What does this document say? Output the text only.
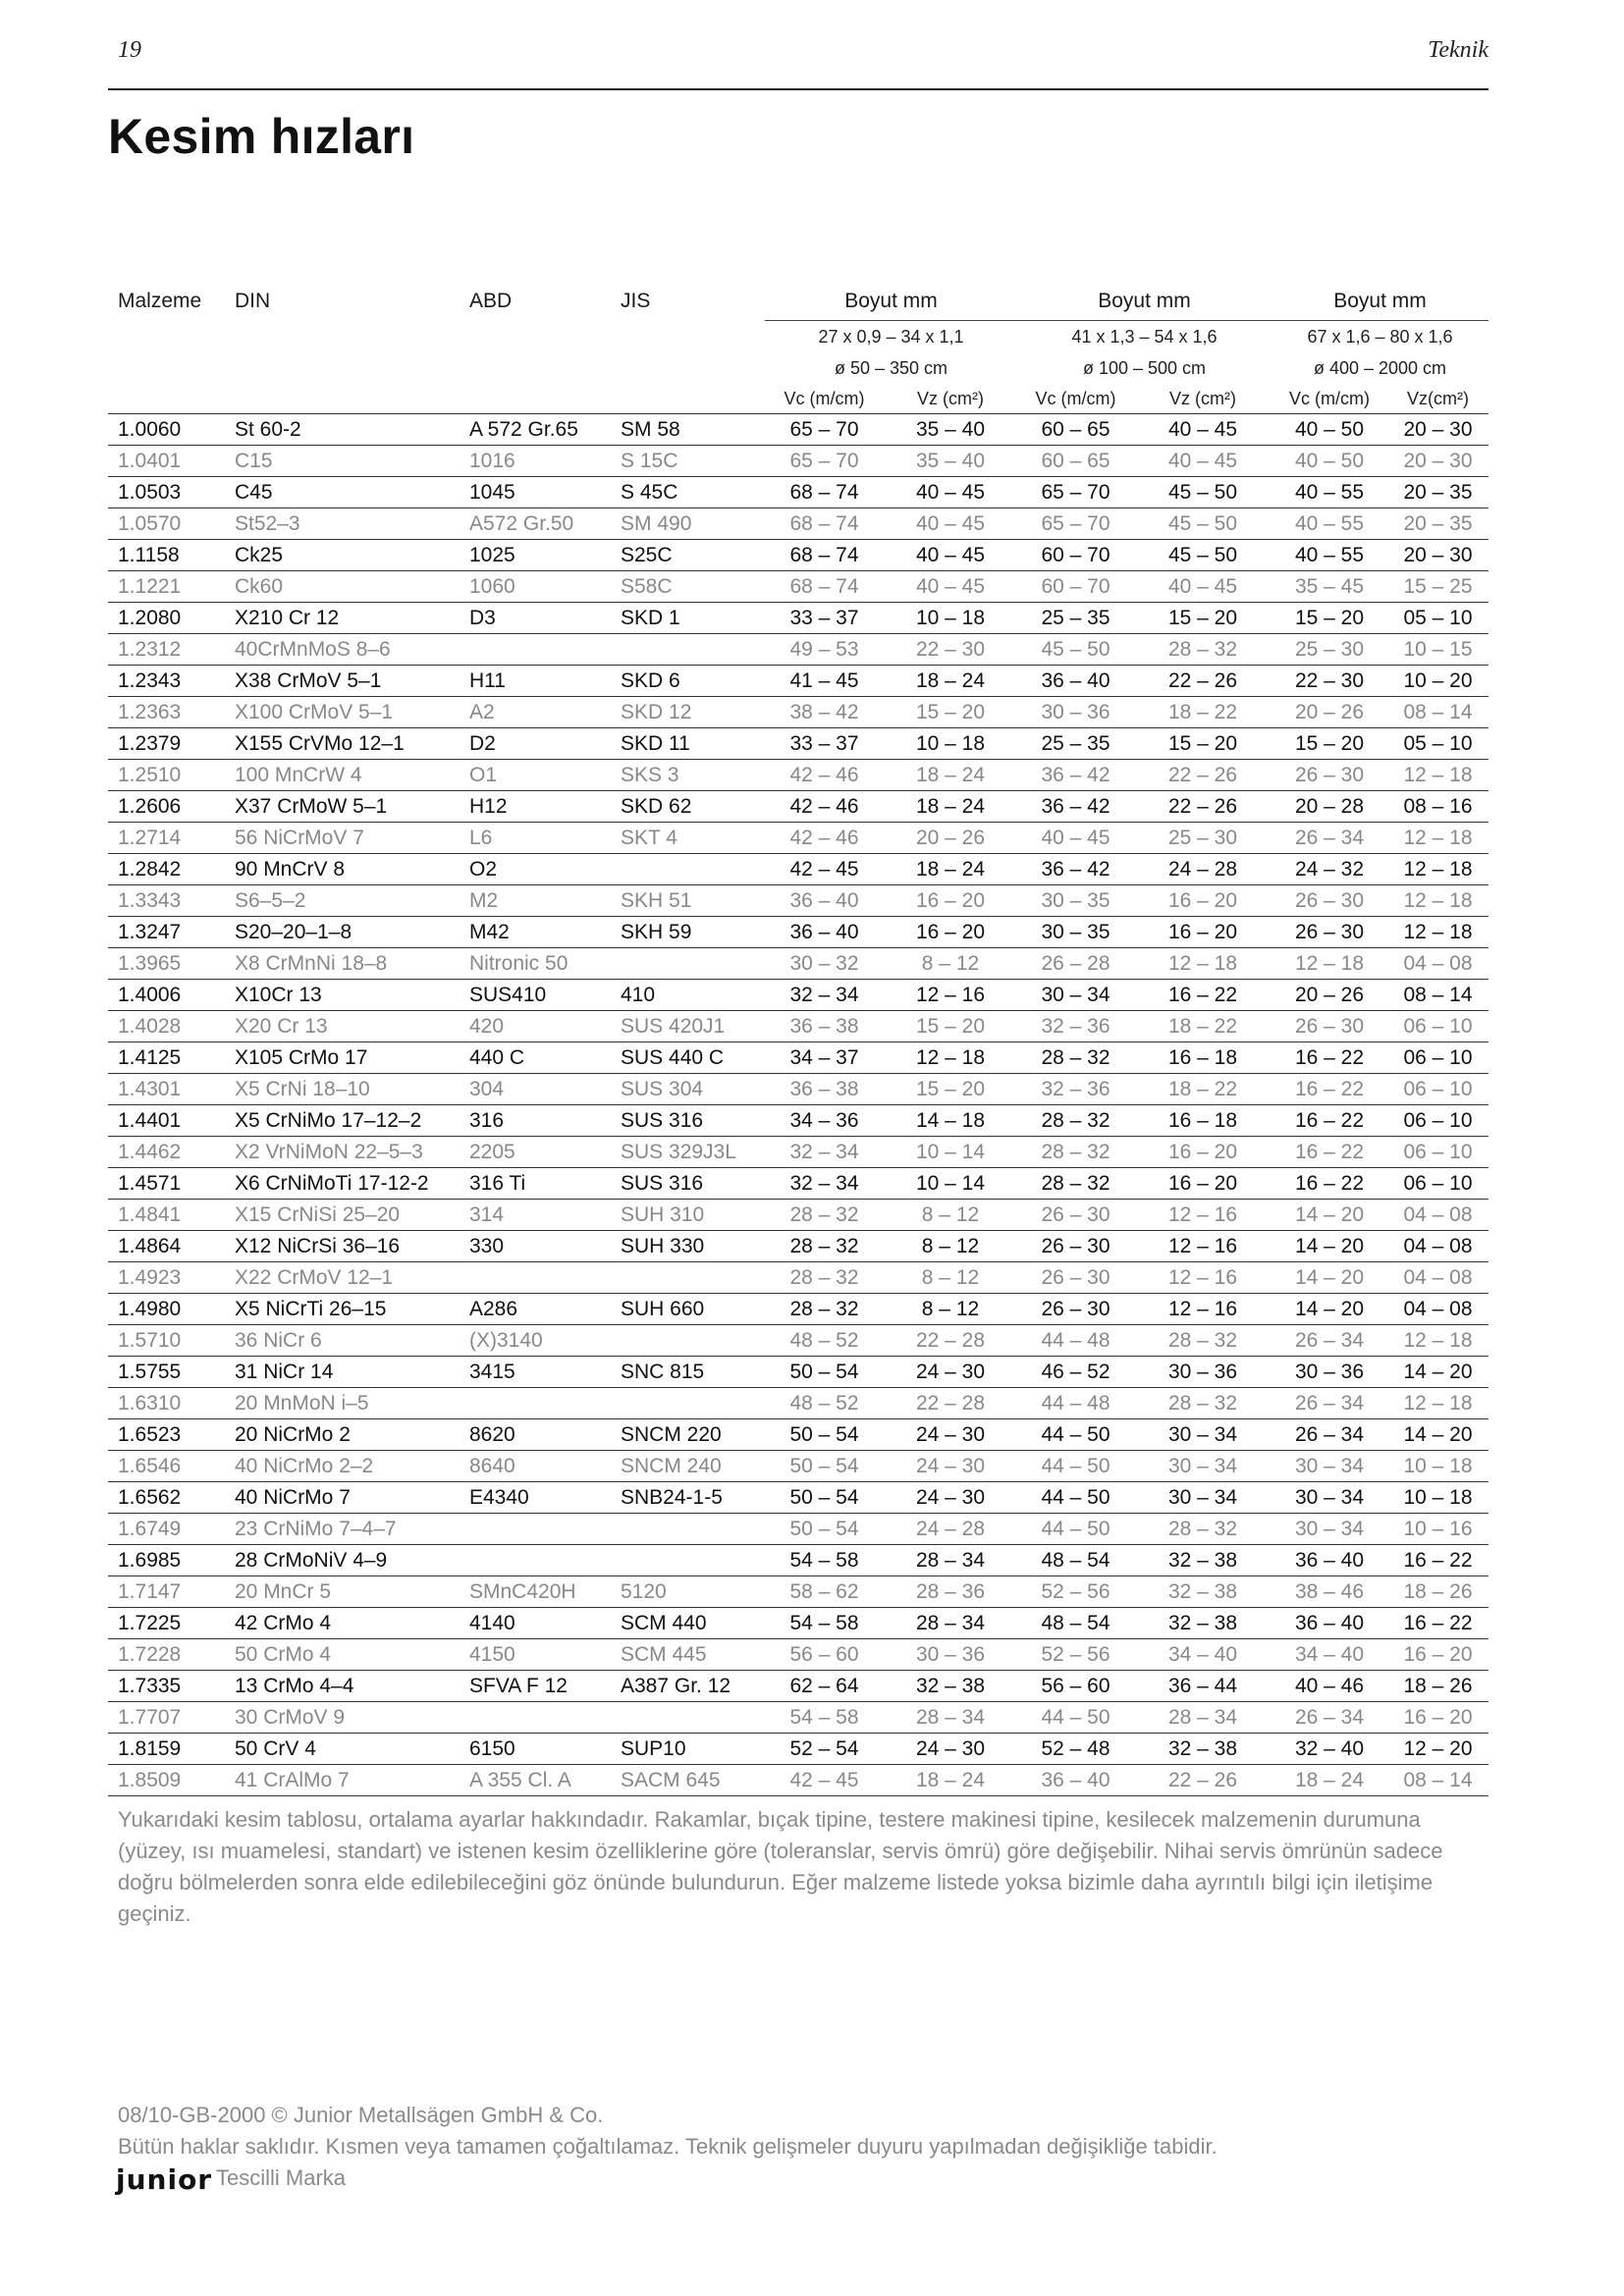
19	Teknik
Kesim hızları
Malzeme	DIN	ABD	JIS	Boyut mm		Boyut mm		Boyut mm	
				27 x 0,9 – 34 x 1,1		41 x 1,3 – 54 x 1,6		67 x 1,6 – 80 x 1,6	
				ø 50 – 350 cm		ø 100 – 500 cm		ø 400 – 2000 cm	
				Vc (m/cm)	Vz (cm²)	Vc (m/cm)	Vz (cm²)	Vc (m/cm)	Vz(cm²)
1.0060	St 60-2	A 572 Gr.65	SM 58	65 – 70	35 – 40	60 – 65	40 – 45	40 – 50	20 – 30
1.0401	C15	1016	S 15C	65 – 70	35 – 40	60 – 65	40 – 45	40 – 50	20 – 30
1.0503	C45	1045	S 45C	68 – 74	40 – 45	65 – 70	45 – 50	40 – 55	20 – 35
1.0570	St52–3	A572 Gr.50	SM 490	68 – 74	40 – 45	65 – 70	45 – 50	40 – 55	20 – 35
1.1158	Ck25	1025	S25C	68 – 74	40 – 45	60 – 70	45 – 50	40 – 55	20 – 30
1.1221	Ck60	1060	S58C	68 – 74	40 – 45	60 – 70	40 – 45	35 – 45	15 – 25
1.2080	X210 Cr 12	D3	SKD 1	33 – 37	10 – 18	25 – 35	15 – 20	15 – 20	05 – 10
1.2312	40CrMnMoS 8–6			49 – 53	22 – 30	45 – 50	28 – 32	25 – 30	10 – 15
1.2343	X38 CrMoV 5–1	H11	SKD 6	41 – 45	18 – 24	36 – 40	22 – 26	22 – 30	10 – 20
1.2363	X100 CrMoV 5–1	A2	SKD 12	38 – 42	15 – 20	30 – 36	18 – 22	20 – 26	08 – 14
1.2379	X155 CrVMo 12–1	D2	SKD 11	33 – 37	10 – 18	25 – 35	15 – 20	15 – 20	05 – 10
1.2510	100 MnCrW 4	O1	SKS 3	42 – 46	18 – 24	36 – 42	22 – 26	26 – 30	12 – 18
1.2606	X37 CrMoW 5–1	H12	SKD 62	42 – 46	18 – 24	36 – 42	22 – 26	20 – 28	08 – 16
1.2714	56 NiCrMoV 7	L6	SKT 4	42 – 46	20 – 26	40 – 45	25 – 30	26 – 34	12 – 18
1.2842	90 MnCrV 8	O2		42 – 45	18 – 24	36 – 42	24 – 28	24 – 32	12 – 18
1.3343	S6–5–2	M2	SKH 51	36 – 40	16 – 20	30 – 35	16 – 20	26 – 30	12 – 18
1.3247	S20–20–1–8	M42	SKH 59	36 – 40	16 – 20	30 – 35	16 – 20	26 – 30	12 – 18
1.3965	X8 CrMnNi 18–8	Nitronic 50		30 – 32	8 – 12	26 – 28	12 – 18	12 – 18	04 – 08
1.4006	X10Cr 13	SUS410	410	32 – 34	12 – 16	30 – 34	16 – 22	20 – 26	08 – 14
1.4028	X20 Cr 13	420	SUS 420J1	36 – 38	15 – 20	32 – 36	18 – 22	26 – 30	06 – 10
1.4125	X105 CrMo 17	440 C	SUS 440 C	34 – 37	12 – 18	28 – 32	16 – 18	16 – 22	06 – 10
1.4301	X5 CrNi 18–10	304	SUS 304	36 – 38	15 – 20	32 – 36	18 – 22	16 – 22	06 – 10
1.4401	X5 CrNiMo 17–12–2	316	SUS 316	34 – 36	14 – 18	28 – 32	16 – 18	16 – 22	06 – 10
1.4462	X2 VrNiMoN 22–5–3	2205	SUS 329J3L	32 – 34	10 – 14	28 – 32	16 – 20	16 – 22	06 – 10
1.4571	X6 CrNiMoTi 17-12-2	316 Ti	SUS 316	32 – 34	10 – 14	28 – 32	16 – 20	16 – 22	06 – 10
1.4841	X15 CrNiSi 25–20	314	SUH 310	28 – 32	8 – 12	26 – 30	12 – 16	14 – 20	04 – 08
1.4864	X12 NiCrSi 36–16	330	SUH 330	28 – 32	8 – 12	26 – 30	12 – 16	14 – 20	04 – 08
1.4923	X22 CrMoV 12–1			28 – 32	8 – 12	26 – 30	12 – 16	14 – 20	04 – 08
1.4980	X5 NiCrTi 26–15	A286	SUH 660	28 – 32	8 – 12	26 – 30	12 – 16	14 – 20	04 – 08
1.5710	36 NiCr 6	(X)3140		48 – 52	22 – 28	44 – 48	28 – 32	26 – 34	12 – 18
1.5755	31 NiCr 14	3415	SNC 815	50 – 54	24 – 30	46 – 52	30 – 36	30 – 36	14 – 20
1.6310	20 MnMoN i–5			48 – 52	22 – 28	44 – 48	28 – 32	26 – 34	12 – 18
1.6523	20 NiCrMo 2	8620	SNCM 220	50 – 54	24 – 30	44 – 50	30 – 34	26 – 34	14 – 20
1.6546	40 NiCrMo 2–2	8640	SNCM 240	50 – 54	24 – 30	44 – 50	30 – 34	30 – 34	10 – 18
1.6562	40 NiCrMo 7	E4340	SNB24-1-5	50 – 54	24 – 30	44 – 50	30 – 34	30 – 34	10 – 18
1.6749	23 CrNiMo 7–4–7			50 – 54	24 – 28	44 – 50	28 – 32	30 – 34	10 – 16
1.6985	28 CrMoNiV 4–9			54 – 58	28 – 34	48 – 54	32 – 38	36 – 40	16 – 22
1.7147	20 MnCr 5	SMnC420H	5120	58 – 62	28 – 36	52 – 56	32 – 38	38 – 46	18 – 26
1.7225	42 CrMo 4	4140	SCM 440	54 – 58	28 – 34	48 – 54	32 – 38	36 – 40	16 – 22
1.7228	50 CrMo 4	4150	SCM 445	56 – 60	30 – 36	52 – 56	34 – 40	34 – 40	16 – 20
1.7335	13 CrMo 4–4	SFVA F 12	A387 Gr. 12	62 – 64	32 – 38	56 – 60	36 – 44	40 – 46	18 – 26
1.7707	30 CrMoV 9			54 – 58	28 – 34	44 – 50	28 – 34	26 – 34	16 – 20
1.8159	50 CrV 4	6150	SUP10	52 – 54	24 – 30	52 – 48	32 – 38	32 – 40	12 – 20
1.8509	41 CrAlMo 7	A 355 Cl. A	SACM 645	42 – 45	18 – 24	36 – 40	22 – 26	18 – 24	08 – 14

Yukarıdaki kesim tablosu, ortalama ayarlar hakkındadır. Rakamlar, bıçak tipine, testere makinesi tipine, kesilecek malzemenin durumuna (yüzey, ısı muamelesi, standart) ve istenen kesim özelliklerine göre (toleranslar, servis ömrü) göre değişebilir. Nihai servis ömrünün sadece doğru bölmelerden sonra elde edilebileceğini göz önünde bulundurun. Eğer malzeme listede yoksa bizimle daha ayrıntılı bilgi için iletişime geçiniz.

08/10-GB-2000 © Junior Metallsägen GmbH & Co.
Bütün haklar saklıdır. Kısmen veya tamamen çoğaltılamaz. Teknik gelişmeler duyuru yapılmadan değişikliğe tabidir.
junior Tescilli Marka
